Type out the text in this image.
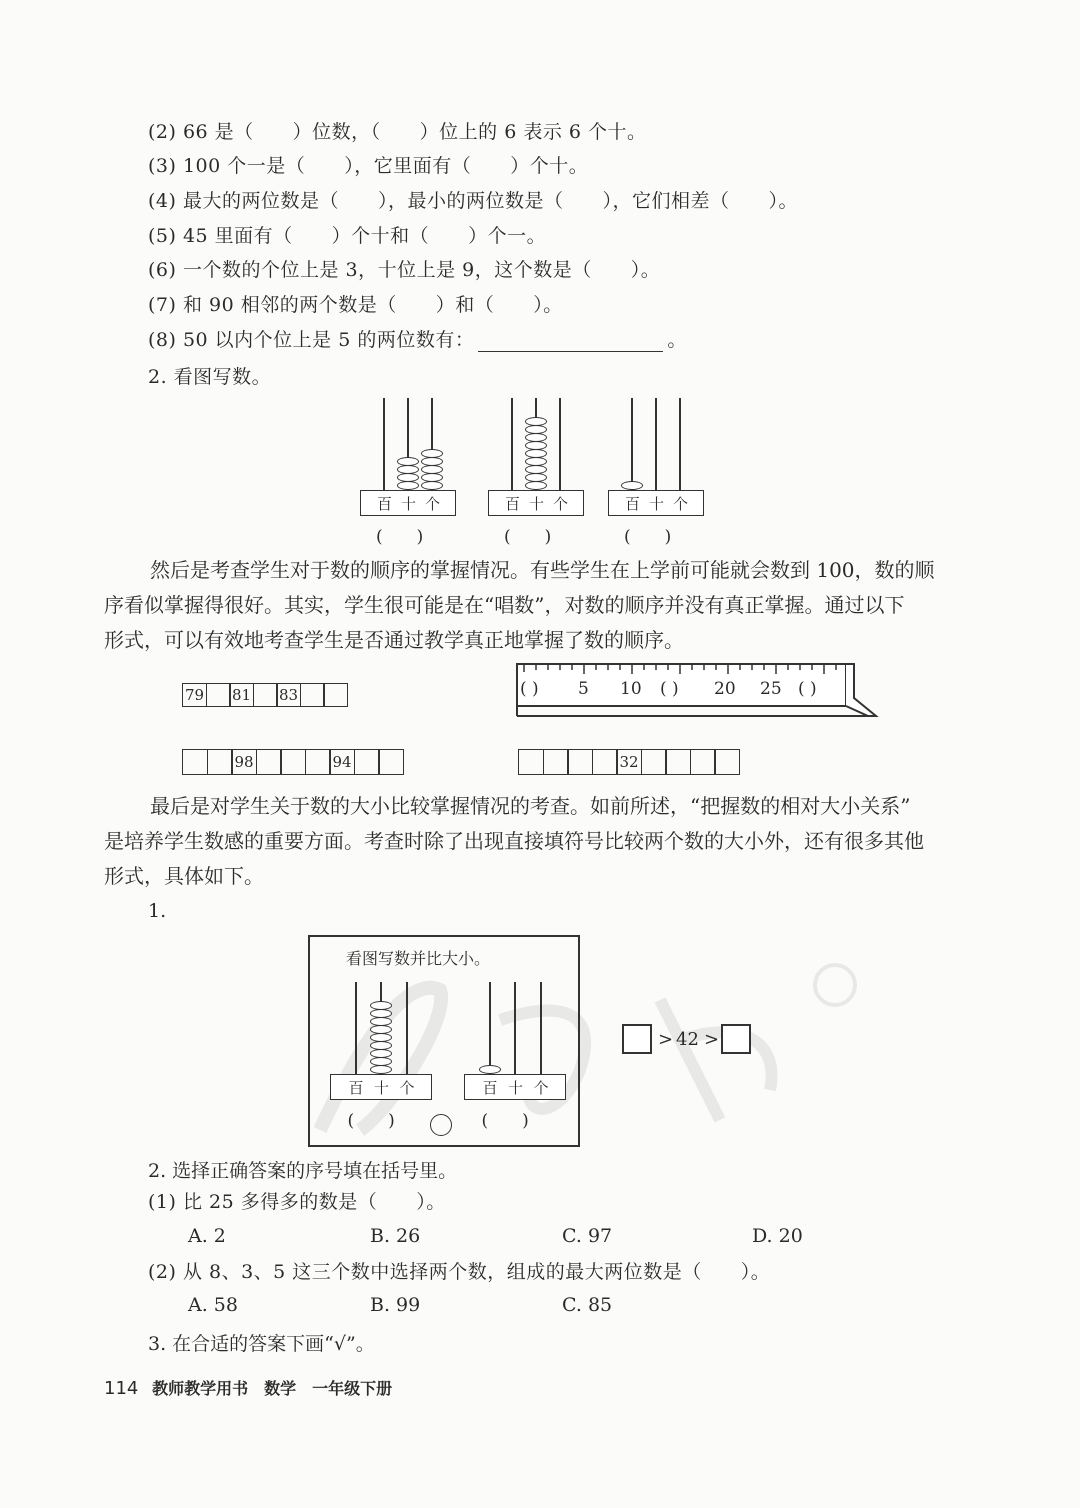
(2) 66 是（　　）位数，（　　）位上的 6 表示 6 个十。
(3) 100 个一是（　　），它里面有（　　）个十。
(4) 最大的两位数是（　　），最小的两位数是（　　），它们相差（　　）。
(5) 45 里面有（　　）个十和（　　）个一。
(6) 一个数的个位上是 3，十位上是 9，这个数是（　　）。
(7) 和 90 相邻的两个数是（　　）和（　　）。
(8) 50 以内个位上是 5 的两位数有：	。
2. 看图写数。
百 十 个
(　　)
百 十 个
(　　)
百 十 个
(　　)
然后是考查学生对于数的顺序的掌握情况。有些学生在上学前可能就会数到 100，数的顺
序看似掌握得很好。其实，学生很可能是在“唱数”，对数的顺序并没有真正掌握。通过以下
形式，可以有效地考查学生是否通过教学真正地掌握了数的顺序。
79 81 83
98	94	32
( ) 5 10 ( ) 20 25 ( )
最后是对学生关于数的大小比较掌握情况的考查。如前所述，“把握数的相对大小关系”
是培养学生数感的重要方面。考查时除了出现直接填符号比较两个数的大小外，还有很多其他
形式，具体如下。
1.
看图写数并比大小。
百 十 个
(　　)
百 十 个
(　　)
> 42 >
2. 选择正确答案的序号填在括号里。
(1) 比 25 多得多的数是（　　）。
A. 2	B. 26	C. 97	D. 20
(2) 从 8、3、5 这三个数中选择两个数，组成的最大两位数是（　　）。
A. 58	B. 99	C. 85
3. 在合适的答案下画“√”。
114 教师教学用书　数学　一年级下册
